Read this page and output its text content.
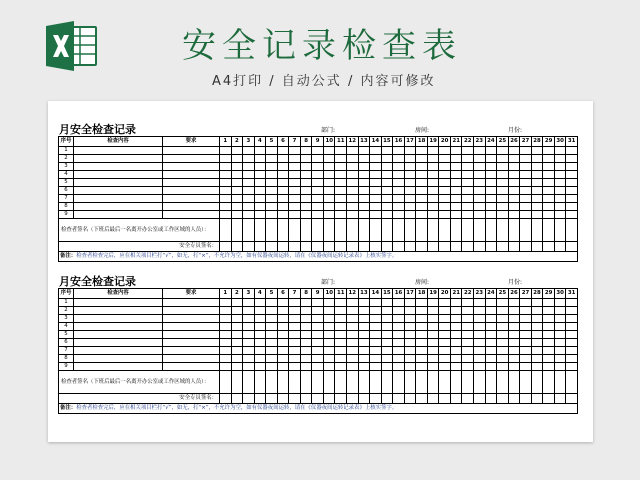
安全记录检查表
A4打印 / 自动公式 / 内容可修改
月安全检查记录	部门:	房间:	月份:
序号	检查内容	要求	1	2	3	4	5	6	7	8	9	10	11	12	13	14	15	16	17	18	19	20	21	22	23	24	25	26	27	28	29	30	31
1																																	
2																																	
3																																	
4																																	
5																																	
6																																	
7																																	
8																																	
9																																	
检查者签名（下班后最后一名离开办公室或工作区域的人员）：																																	
安全专员签名：																																	
备注：检查者检查完后，应在相关项目栏打“√”，如无，打“×”，不允许为空，如有仪器夜间运转，请在《仪器夜间运转记录表》上核实签字。																																	
月安全检查记录	部门:	房间:	月份:
序号	检查内容	要求	1	2	3	4	5	6	7	8	9	10	11	12	13	14	15	16	17	18	19	20	21	22	23	24	25	26	27	28	29	30	31
1																																	
2																																	
3																																	
4																																	
5																																	
6																																	
7																																	
8																																	
9																																	
检查者签名（下班后最后一名离开办公室或工作区域的人员）：																																	
安全专员签名：																																	
备注：检查者检查完后，应在相关项目栏打“√”，如无，打“×”，不允许为空，如有仪器夜间运转，请在《仪器夜间运转记录表》上核实签字。																																	
